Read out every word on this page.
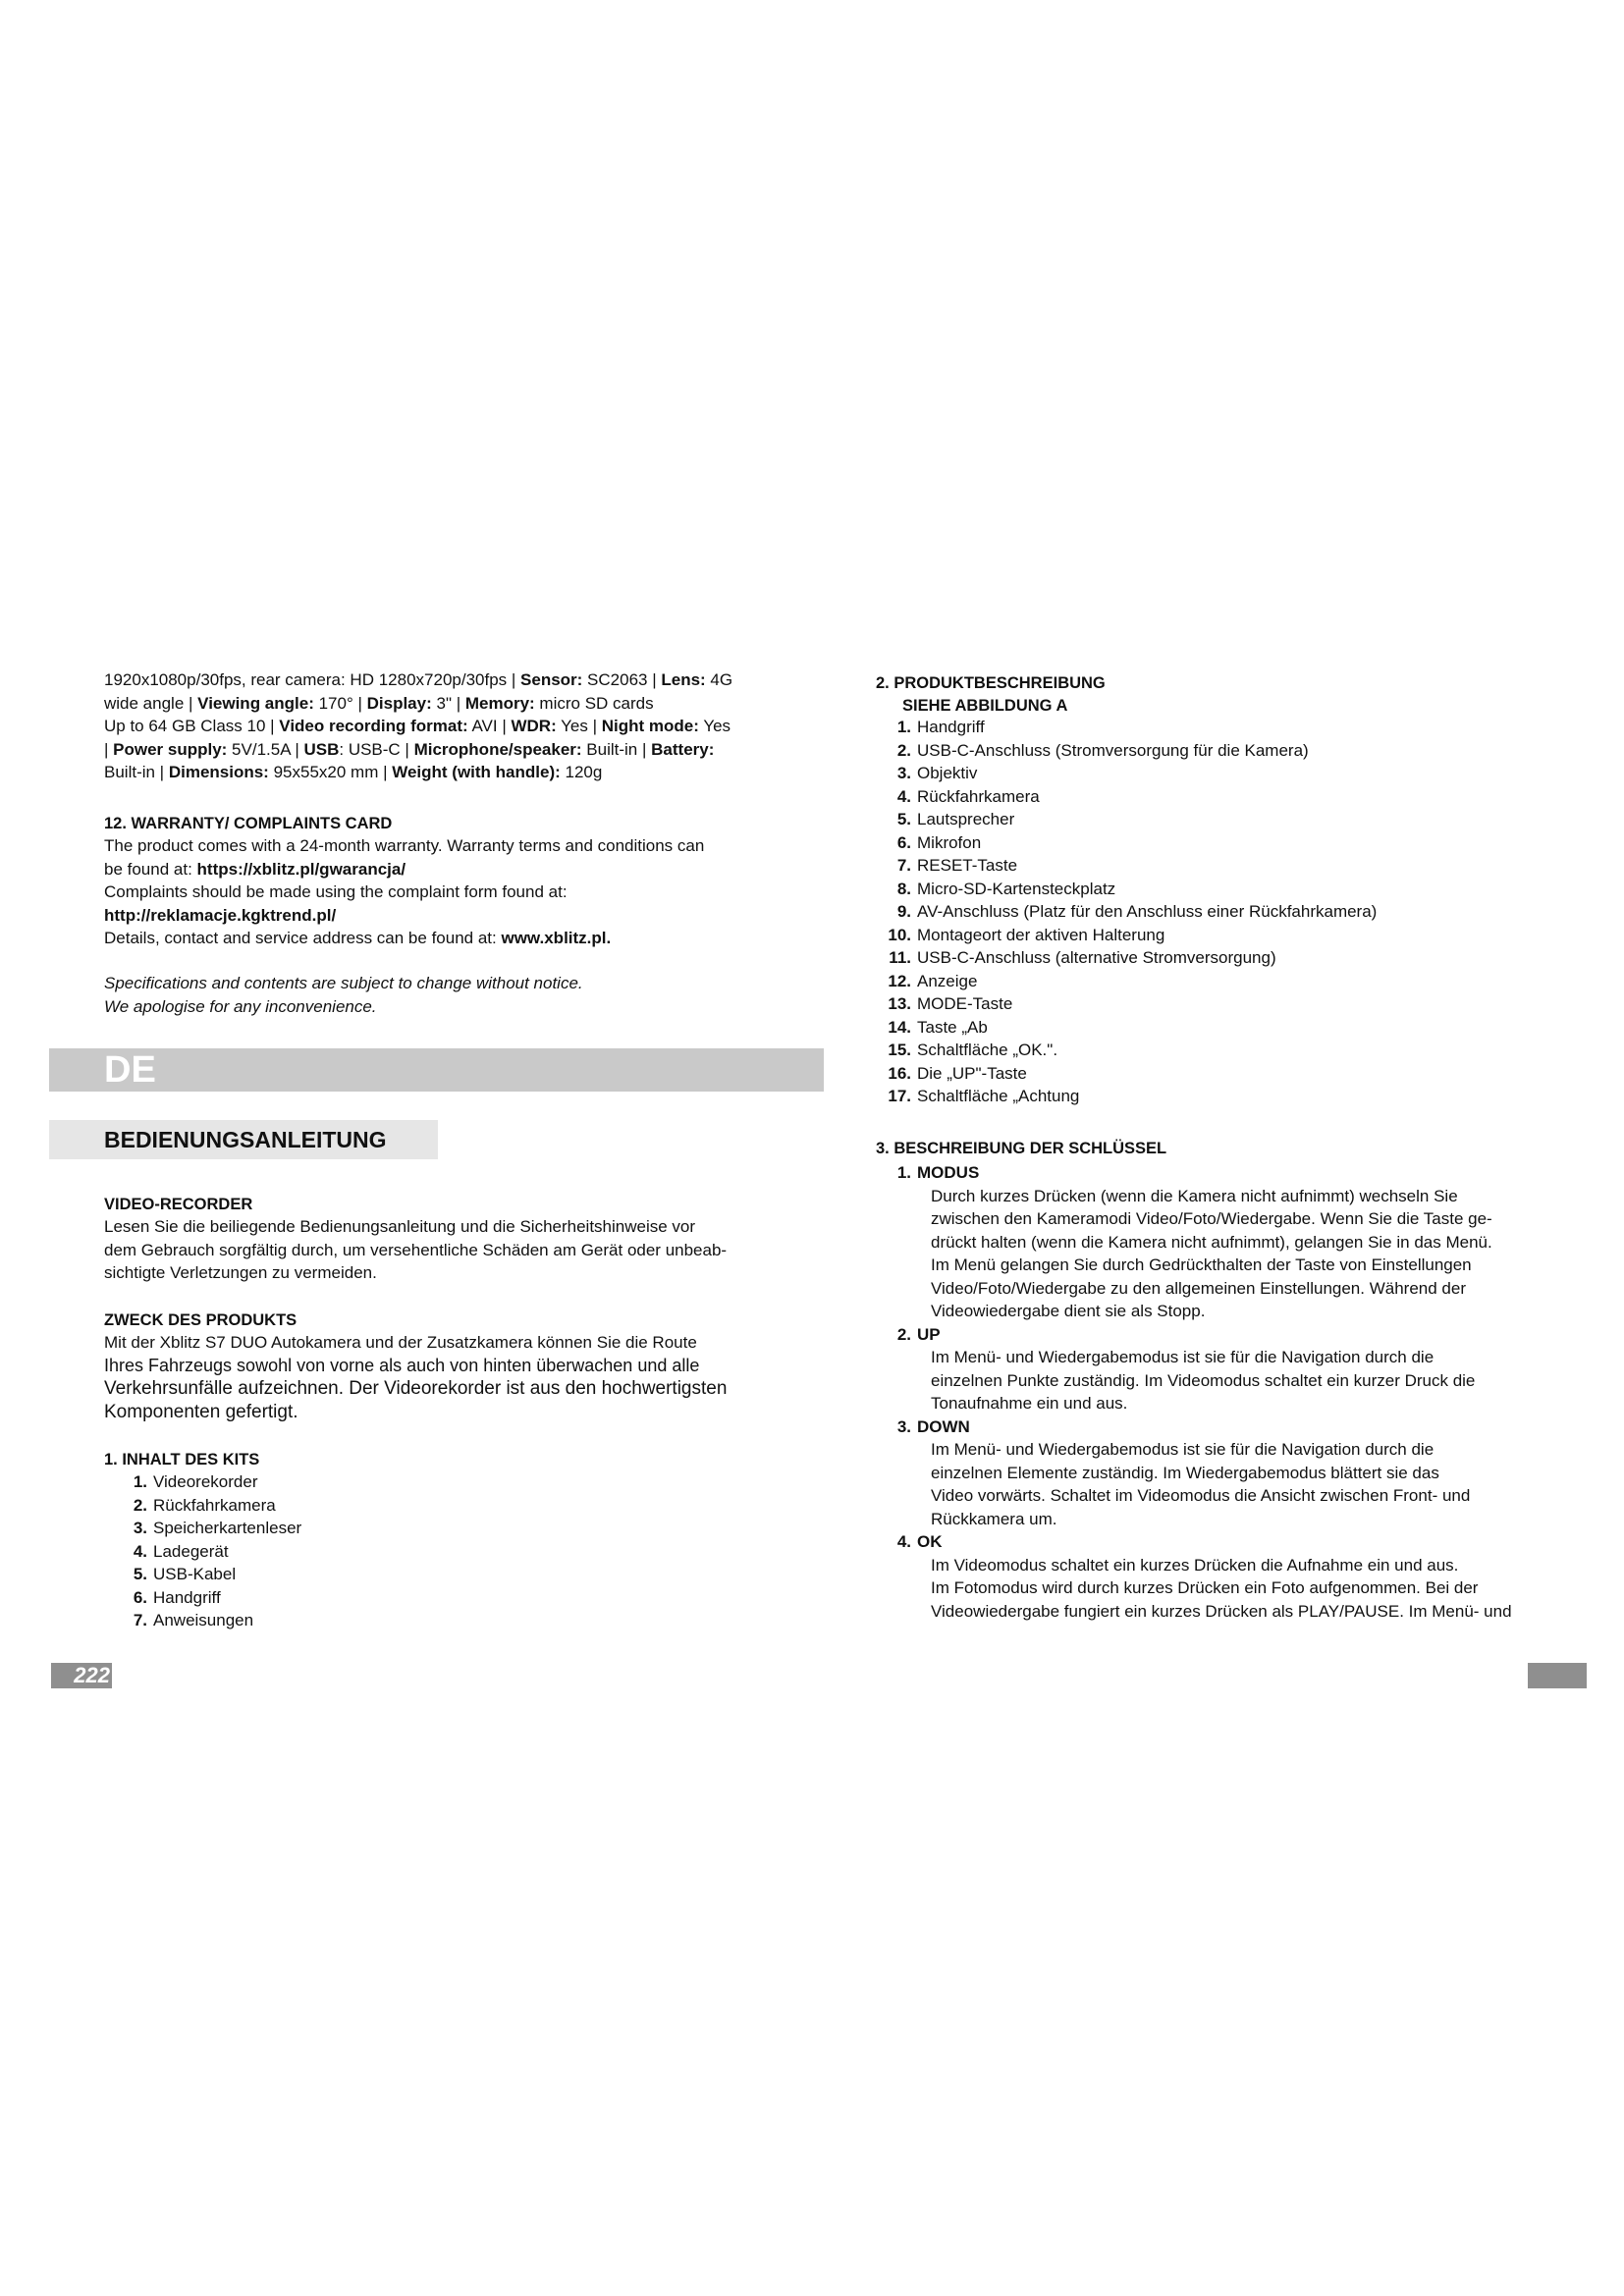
1920x1080p/30fps, rear camera: HD 1280x720p/30fps | Sensor: SC2063 | Lens: 4G
wide angle | Viewing angle: 170° | Display: 3" | Memory: micro SD cards
Up to 64 GB Class 10 | Video recording format: AVI | WDR: Yes | Night mode: Yes
| Power supply: 5V/1.5A | USB: USB-C | Microphone/speaker: Built-in | Battery:
Built-in | Dimensions: 95x55x20 mm | Weight (with handle): 120g
12. WARRANTY/ COMPLAINTS CARD
The product comes with a 24-month warranty. Warranty terms and conditions can
be found at: https://xblitz.pl/gwarancja/
Complaints should be made using the complaint form found at:
http://reklamacje.kgktrend.pl/
Details, contact and service address can be found at: www.xblitz.pl.
Specifications and contents are subject to change without notice.
We apologise for any inconvenience.
DE
BEDIENUNGSANLEITUNG
VIDEO-RECORDER
Lesen Sie die beiliegende Bedienungsanleitung und die Sicherheitshinweise vor
dem Gebrauch sorgfältig durch, um versehentliche Schäden am Gerät oder unbeab-
sichtigte Verletzungen zu vermeiden.
ZWECK DES PRODUKTS
Mit der Xblitz S7 DUO Autokamera und der Zusatzkamera können Sie die Route
Ihres Fahrzeugs sowohl von vorne als auch von hinten überwachen und alle
Verkehrsunfälle aufzeichnen. Der Videorekorder ist aus den hochwertigsten
Komponenten gefertigt.
1. INHALT DES KITS
1. Videorekorder
2. Rückfahrkamera
3. Speicherkartenleser
4. Ladegerät
5. USB-Kabel
6. Handgriff
7. Anweisungen
222
2. PRODUKTBESCHREIBUNG
SIEHE ABBILDUNG A
1. Handgriff
2. USB-C-Anschluss (Stromversorgung für die Kamera)
3. Objektiv
4. Rückfahrkamera
5. Lautsprecher
6. Mikrofon
7. RESET-Taste
8. Micro-SD-Kartensteckplatz
9. AV-Anschluss (Platz für den Anschluss einer Rückfahrkamera)
10. Montageort der aktiven Halterung
11. USB-C-Anschluss (alternative Stromversorgung)
12. Anzeige
13. MODE-Taste
14. Taste „Ab
15. Schaltfläche „OK.".
16. Die „UP"-Taste
17. Schaltfläche „Achtung
3. BESCHREIBUNG DER SCHLÜSSEL
1. MODUS
Durch kurzes Drücken (wenn die Kamera nicht aufnimmt) wechseln Sie
zwischen den Kameramodi Video/Foto/Wiedergabe. Wenn Sie die Taste ge-
drückt halten (wenn die Kamera nicht aufnimmt), gelangen Sie in das Menü.
Im Menü gelangen Sie durch Gedrückthalten der Taste von Einstellungen
Video/Foto/Wiedergabe zu den allgemeinen Einstellungen. Während der
Videowiedergabe dient sie als Stopp.
2. UP
Im Menü- und Wiedergabemodus ist sie für die Navigation durch die
einzelnen Punkte zuständig. Im Videomodus schaltet ein kurzer Druck die
Tonaufnahme ein und aus.
3. DOWN
Im Menü- und Wiedergabemodus ist sie für die Navigation durch die
einzelnen Elemente zuständig. Im Wiedergabemodus blättert sie das
Video vorwärts. Schaltet im Videomodus die Ansicht zwischen Front- und
Rückkamera um.
4. OK
Im Videomodus schaltet ein kurzes Drücken die Aufnahme ein und aus.
Im Fotomodus wird durch kurzes Drücken ein Foto aufgenommen. Bei der
Videowiedergabe fungiert ein kurzes Drücken als PLAY/PAUSE. Im Menü- und
